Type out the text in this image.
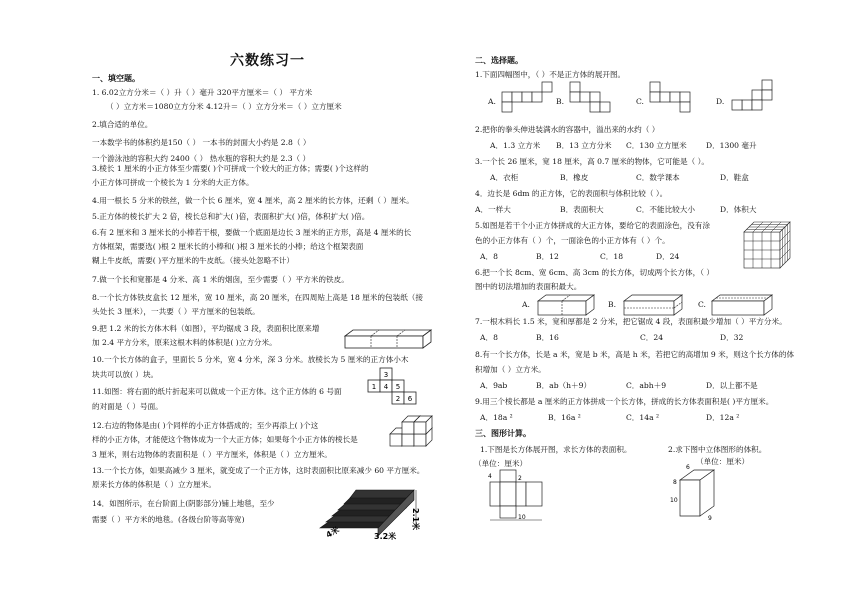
六数练习一
一、填空题。
1. 6.02立方分米＝（ ）升（ ）毫升 320平方厘米＝（ ） 平方米
（ ）立方米＝1080立方分米 4.12升＝（ ）立方分米＝（ ）立方厘米
2.填合适的单位。
一本数学书的体积约是150（ ） 一本书的封面大小约是 2.8（ ）
一个游泳池的容积大约 2400（ ） 热水瓶的容积大约是 2.3（ ）
3.棱长 1 厘米的小正方体至少需要( )个可拼成一个较大的正方体；需要( )个这样的
小正方体可拼成一个棱长为 1 分米的大正方体。
4.用一根长 5 分米的铁丝，做一个长 6 厘米，宽 4 厘米，高 2 厘米的长方体，还剩（ ）厘米。
5.正方体的棱长扩大 2 倍，棱长总和扩大( )倍，表面积扩大( )倍，体积扩大( )倍。
6.有 2 厘米和 3 厘米长的小棒若干根，要做一个底面是边长 3 厘米的正方形，高是 4 厘米的长
方体框架，需要选( )根 2 厘米长的小棒和( )根 3 厘米长的小棒；给这个框架表面
糊上牛皮纸，需要( )平方厘米的牛皮纸。（接头处忽略不计）
7.做一个长和宽都是 4 分米、高 1 米的烟囱，至少需要（ ）平方米的铁皮。
8.一个长方体铁皮盒长 12 厘米，宽 10 厘米，高 20 厘米，在四周贴上高是 18 厘米的包装纸（接
头处长 3 厘米），一共要（ ）平方厘米的包装纸。
9.把 1.2 米的长方体木料（如图），平均锯成 3 段，表面积比原来增
加 2.4 平方分米，原来这根木料的体积是( )立方分米。
10.一个长方体的盒子，里面长 5 分米，宽 4 分米，深 3 分米。放棱长为 5 厘米的正方体小木
块共可以放( ）块。
11.如图：将右面的纸片折起来可以做成一个正方体。这个正方体的 6 号面
的对面是（ ）号面。
12.右边的物体是由( )个同样的小正方体搭成的；至少再添上( )个这
样的小正方体，才能使这个物体成为一个大正方体；如果每个小正方体的棱长是
3 厘米，则右边物体的表面积是（ ）平方厘米，体积是（ ）立方厘米。
13.一个长方体，如果高减少 3 厘米，就变成了一个正方体，这时表面积比原来减少 60 平方厘米。
原来长方体的体积是（ ）立方厘米。
14．如图所示，在台阶面上(阴影部分)铺上地毯，至少
需要（ ）平方米的地毯。(各级台阶等高等宽)
3
1 4 5
2 6
2.1米
4米	3.2米
二、选择题。
1.下面四幅图中，（ ）不是正方体的展开图。
A.	B.	C.	D.
2.把你的拳头伸进装满水的容器中，溢出来的水约（ ）
A．1.3 立方米 B．13 立方分米 C．130 立方厘米	D．1300 毫升
3.一个长 26 厘米，宽 18 厘米，高 0.7 厘米的物体，它可能是（ ）。
A．衣柜	B．橡皮	C．数学课本	D．鞋盒
4．边长是 6dm 的正方体，它的表面积与体积比较（ ）。
A．一样大	B．表面积大	C．不能比较大小	D．体积大
5.如图是若干个小正方体拼成的大正方体，要给它的表面涂色，没有涂
色的小正方体有（ ）个，一面涂色的小正方体有（ ）个。
A．8	B．12	C．18	D．24
6.把一个长 8cm、宽 6cm、高 3cm 的长方体，切成两个长方体，（ ）
图中的切法增加的表面积最大。
A.	B.	C.
7.一根木料长 1.5 米，宽和厚都是 2 分米，把它锯成 4 段，表面积最少增加（ ）平方分米。
A．8	B．16	C．24	D．32
8.有一个长方体，长是 a 米，宽是 b 米，高是 h 米，若把它的高增加 9 米，则这个长方体的体
积增加（ ）立方米。
A．9ab	B．ab（h＋9）	C．abh＋9	D．以上都不是
9.用三个棱长都是 a 厘米的正方体拼成一个长方体，拼成的长方体表面积是( )平方厘米。
A．18a ²	B．16a ²	C．14a ²	D．12a ²
三、图形计算。
1.下图是长方体展开图，求长方体的表面积。
（单位：厘米）
2.求下图中立体图形的体积。
（单位：厘米）
4	2
10
6
8
10
9
